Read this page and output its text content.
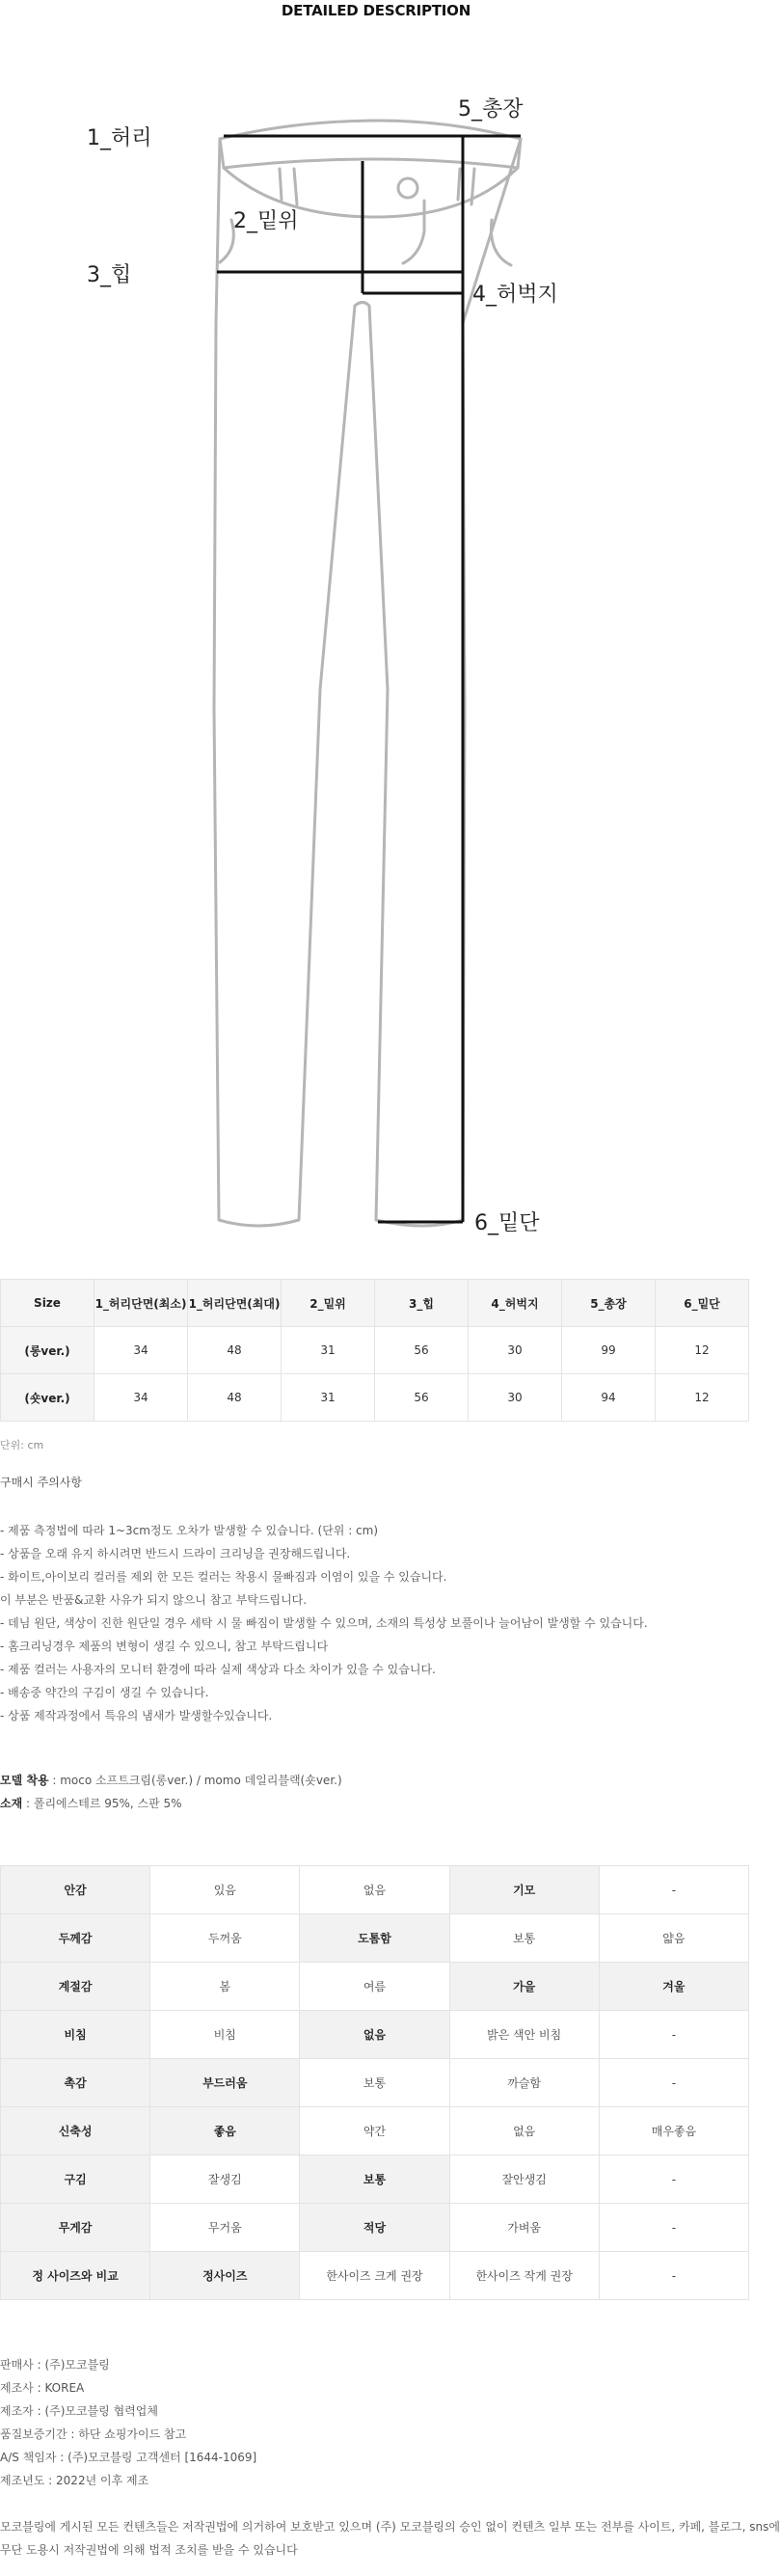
DETAILED DESCRIPTION
1_허리
5_총장
2_밑위
3_힙
4_허벅지
6_밑단
Size	1_허리단면(최소)	1_허리단면(최대)	2_밑위	3_힙	4_허벅지	5_총장	6_밑단
(롱ver.)	34	48	31	56	30	99	12
(숏ver.)	34	48	31	56	30	94	12
단위: cm
구매시 주의사항
- 제품 측정법에 따라 1~3cm정도 오차가 발생할 수 있습니다. (단위 : cm)
- 상품을 오래 유지 하시려면 반드시 드라이 크리닝을 권장해드립니다.
- 화이트,아이보리 컬러를 제외 한 모든 컬러는 착용시 물빠짐과 이염이 있을 수 있습니다.
이 부분은 반품&교환 사유가 되지 않으니 참고 부탁드립니다.
- 데님 원단, 색상이 진한 원단일 경우 세탁 시 물 빠짐이 발생할 수 있으며, 소재의 특성상 보풀이나 늘어남이 발생할 수 있습니다.
- 홈크리닝경우 제품의 변형이 생길 수 있으니, 참고 부탁드립니다
- 제품 컬러는 사용자의 모니터 환경에 따라 실제 색상과 다소 차이가 있을 수 있습니다.
- 배송중 약간의 구김이 생길 수 있습니다.
- 상품 제작과정에서 특유의 냄새가 발생할수있습니다.
모델 착용 : moco 소프트크림(롱ver.) / momo 데일리블랙(숏ver.)
소재 : 폴리에스테르 95%, 스판 5%
안감	있음	없음	기모	-
두께감	두꺼움	도톰함	보통	얇음
계절감	봄	여름	가을	겨울
비침	비침	없음	밝은 색안 비침	-
촉감	부드러움	보통	까슬함	-
신축성	좋음	약간	없음	매우좋음
구김	잘생김	보통	잘안생김	-
무게감	무거움	적당	가벼움	-
정 사이즈와 비교	정사이즈	한사이즈 크게 권장	한사이즈 작게 권장	-
판매사 : (주)모코블링
제조사 : KOREA
제조자 : (주)모코블링 협력업체
품질보증기간 : 하단 쇼핑가이드 참고
A/S 책임자 : (주)모코블링 고객센터 [1644-1069]
제조년도 : 2022년 이후 제조
모코블링에 게시된 모든 컨텐츠들은 저작권법에 의거하여 보호받고 있으며 (주) 모코블링의 승인 없이 컨텐츠 일부 또는 전부를 사이트, 카페, 블로그, sns에
무단 도용시 저작권법에 의해 법적 조치를 받을 수 있습니다
